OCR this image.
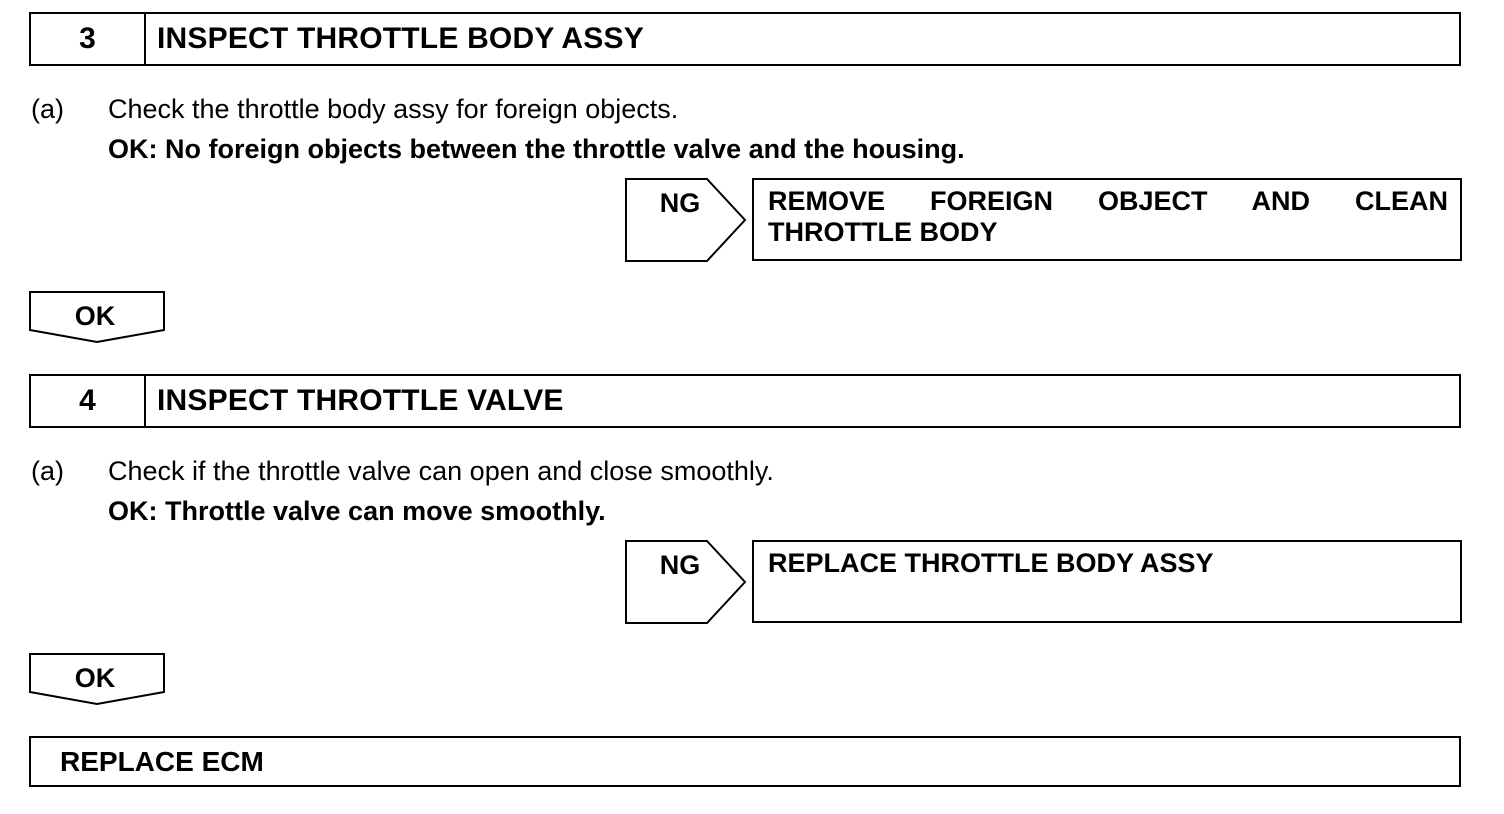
3	INSPECT THROTTLE BODY ASSY
(a) Check the throttle body assy for foreign objects.
OK: No foreign objects between the throttle valve and the housing.
NG	REMOVE FOREIGN OBJECT AND CLEAN
THROTTLE BODY
OK
4	INSPECT THROTTLE VALVE
(a) Check if the throttle valve can open and close smoothly.
OK: Throttle valve can move smoothly.
NG	REPLACE THROTTLE BODY ASSY
OK
REPLACE ECM
